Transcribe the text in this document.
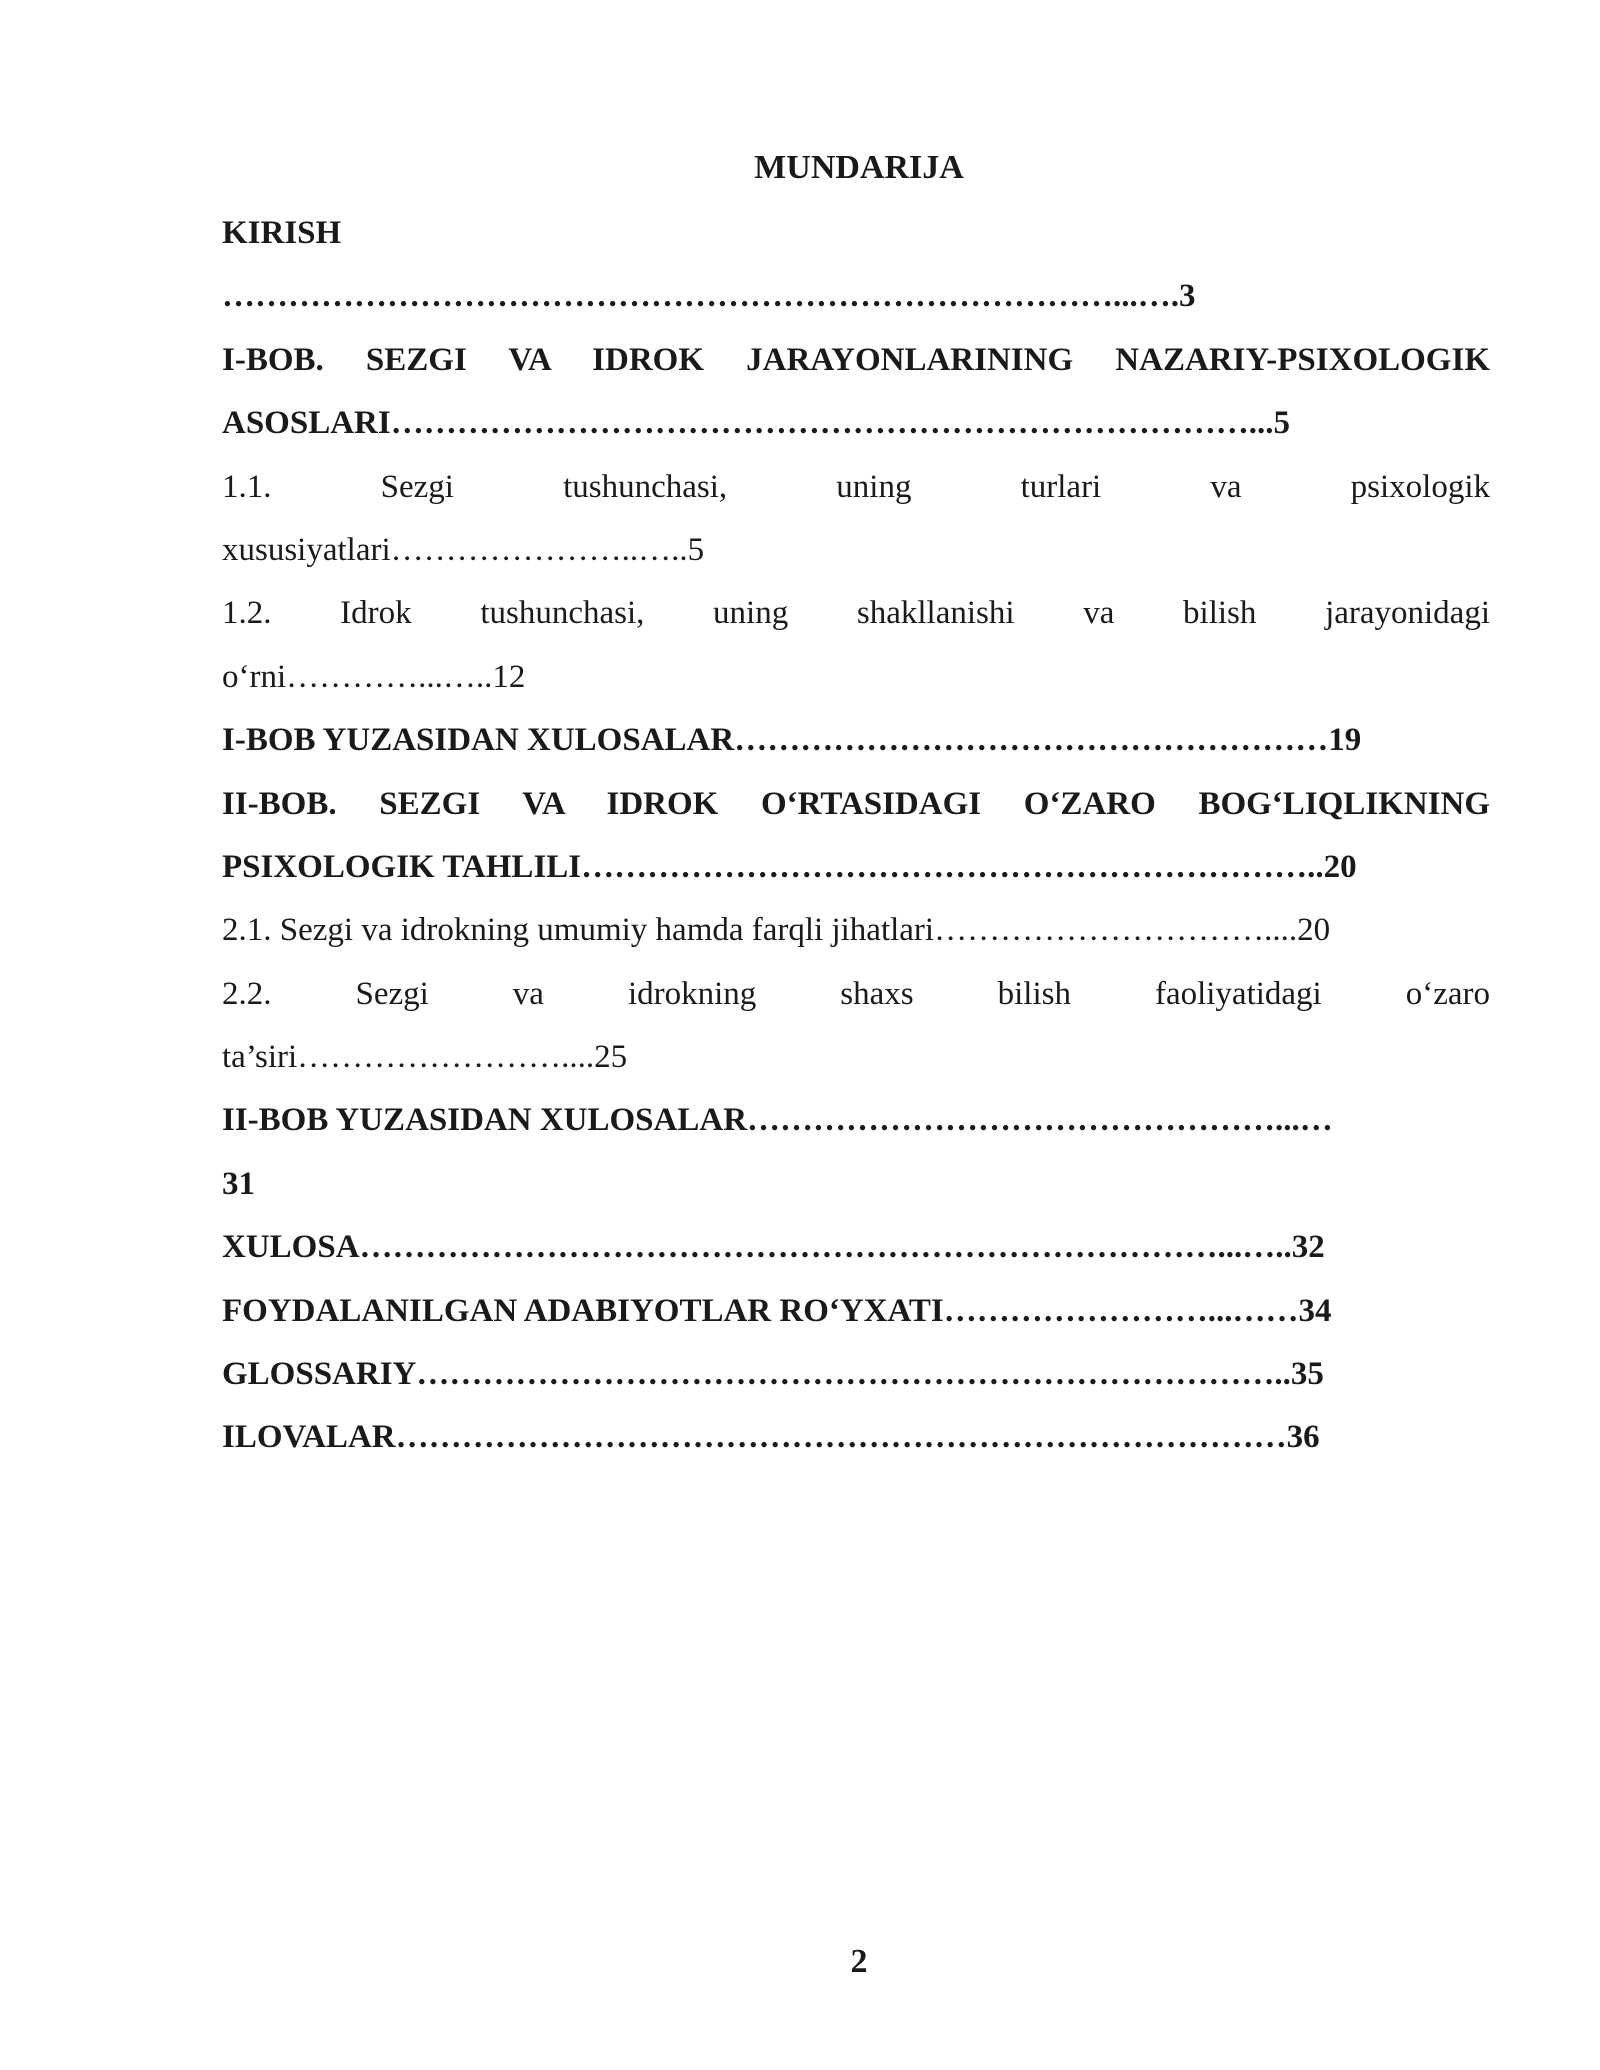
MUNDARIJA
KIRISH
………………………………………………………………………...….3
I-BOB. SEZGI VA IDROK JARAYONLARINING NAZARIY-PSIXOLOGIK
ASOSLARI……………………………………………………………………...5
1.1. Sezgi tushunchasi, uning turlari va psixologik
xususiyatlari…………………..…..5
1.2. Idrok tushunchasi, uning shakllanishi va bilish jarayonidagi
o‘rni…………...…..12
I-BOB YUZASIDAN XULOSALAR………………………………………………19
II-BOB. SEZGI VA IDROK O‘RTASIDAGI O‘ZARO BOG‘LIQLIKNING
PSIXOLOGIK TAHLILI…………………………………………………………..20
2.1. Sezgi va idrokning umumiy hamda farqli jihatlari…………………………....20
2.2. Sezgi va idrokning shaxs bilish faoliyatidagi o‘zaro
ta’siri……………………....25
II-BOB YUZASIDAN XULOSALAR…………………………………………...…
31
XULOSA……………………………………………………………………...…..32
FOYDALANILGAN ADABIYOTLAR RO‘YXATI……………………...……34
GLOSSARIY……………………………………………………………………..35
ILOVALAR………………………………………………………………………36
2
